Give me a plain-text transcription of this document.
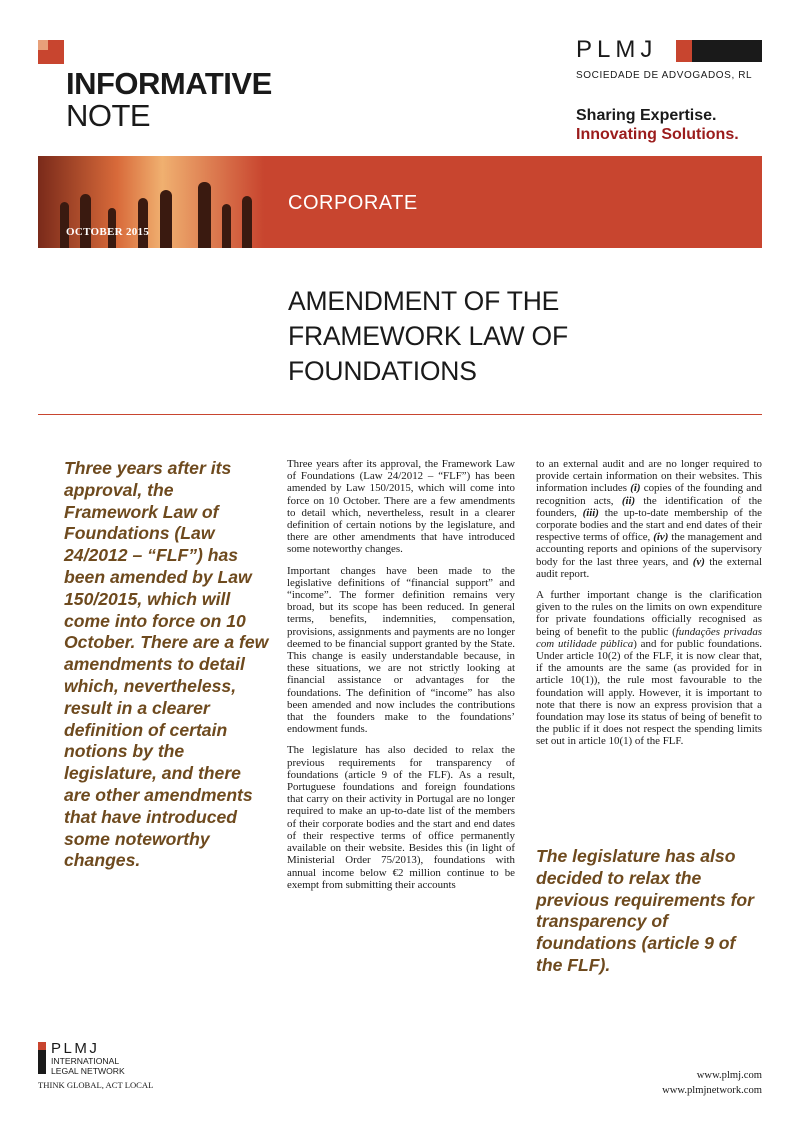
INFORMATIVE
NOTE
PLMJ
SOCIEDADE DE ADVOGADOS, RL
Sharing Expertise.
Innovating Solutions.
CORPORATE
OCTOBER 2015
AMENDMENT OF THE
FRAMEWORK LAW OF
FOUNDATIONS
Three years after its approval, the Framework Law of Foundations (Law 24/2012 – “FLF”) has been amended by Law 150/2015, which will come into force on 10 October. There are a few amendments to detail which, nevertheless, result in a clearer definition of certain notions by the legislature, and there are other amendments that have introduced some noteworthy changes.

Three years after its approval, the Framework Law of Foundations (Law 24/2012 – “FLF”) has been amended by Law 150/2015, which will come into force on 10 October. There are a few amendments to detail which, nevertheless, result in a clearer definition of certain notions by the legislature, and there are other amendments that have introduced some noteworthy changes.

Important changes have been made to the legislative definitions of “financial support” and “income”. The former definition remains very broad, but its scope has been reduced. In general terms, benefits, indemnities, compensation, provisions, assignments and payments are no longer deemed to be financial support granted by the State. This change is easily understandable because, in these situations, we are not strictly looking at financial assistance or advantages for the foundations. The definition of “income” has also been amended and now includes the contributions that the founders make to the foundations’ endowment funds.

The legislature has also decided to relax the previous requirements for transparency of foundations (article 9 of the FLF). As a result, Portuguese foundations and foreign foundations that carry on their activity in Portugal are no longer required to make an up-to-date list of the members of their corporate bodies and the start and end dates of their respective terms of office permanently available on their website. Besides this (in light of Ministerial Order 75/2013), foundations with annual income below €2 million continue to be exempt from submitting their accounts

to an external audit and are no longer required to provide certain information on their websites. This information includes (i) copies of the founding and recognition acts, (ii) the identification of the founders, (iii) the up-to-date membership of the corporate bodies and the start and end dates of their respective terms of office, (iv) the management and accounting reports and opinions of the supervisory body for the last three years, and (v) the external audit report.

A further important change is the clarification given to the rules on the limits on own expenditure for private foundations officially recognised as being of benefit to the public (fundações privadas com utilidade pública) and for public foundations. Under article 10(2) of the FLF, it is now clear that, if the amounts are the same (as provided for in article 10(1)), the rule most favourable to the foundation will apply. However, it is important to note that there is now an express provision that a foundation may lose its status of being of benefit to the public if it does not respect the spending limits set out in article 10(1) of the FLF.

The legislature has also decided to relax the previous requirements for transparency of foundations (article 9 of the FLF).
PLMJ
INTERNATIONAL
LEGAL NETWORK
THINK GLOBAL, ACT LOCAL
www.plmj.com
www.plmjnetwork.com
